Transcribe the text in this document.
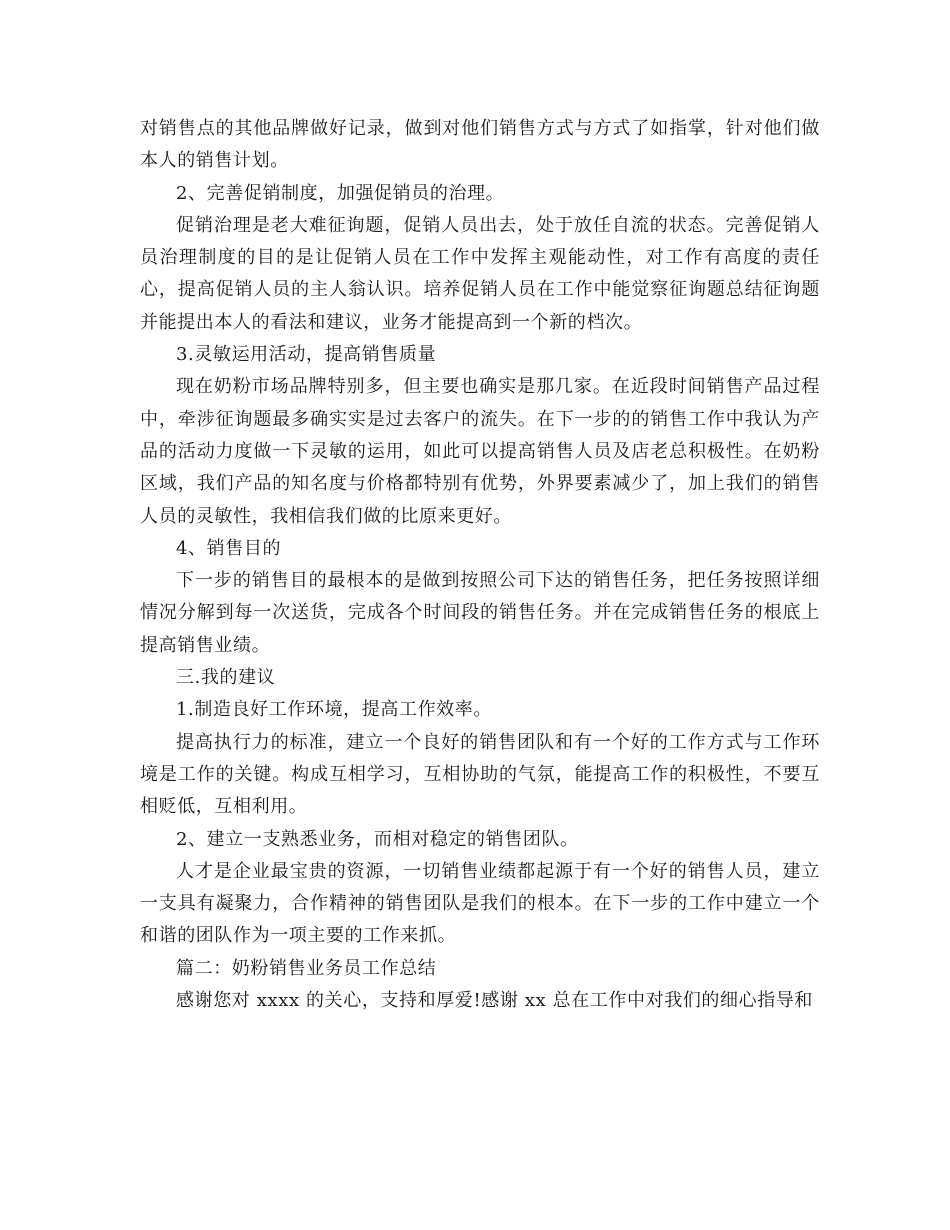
对销售点的其他品牌做好记录，做到对他们销售方式与方式了如指掌，针对他们做本人的销售计划。

2、完善促销制度，加强促销员的治理。

促销治理是老大难征询题，促销人员出去，处于放任自流的状态。完善促销人员治理制度的目的是让促销人员在工作中发挥主观能动性，对工作有高度的责任心，提高促销人员的主人翁认识。培养促销人员在工作中能觉察征询题总结征询题并能提出本人的看法和建议，业务才能提高到一个新的档次。

3.灵敏运用活动，提高销售质量

现在奶粉市场品牌特别多，但主要也确实是那几家。在近段时间销售产品过程中，牵涉征询题最多确实实是过去客户的流失。在下一步的的销售工作中我认为产品的活动力度做一下灵敏的运用，如此可以提高销售人员及店老总积极性。在奶粉区域，我们产品的知名度与价格都特别有优势，外界要素减少了，加上我们的销售人员的灵敏性，我相信我们做的比原来更好。

4、销售目的

下一步的销售目的最根本的是做到按照公司下达的销售任务，把任务按照详细情况分解到每一次送货，完成各个时间段的销售任务。并在完成销售任务的根底上提高销售业绩。

三.我的建议

1.制造良好工作环境，提高工作效率。

提高执行力的标准，建立一个良好的销售团队和有一个好的工作方式与工作环境是工作的关键。构成互相学习，互相协助的气氛，能提高工作的积极性，不要互相贬低，互相利用。

2、建立一支熟悉业务，而相对稳定的销售团队。

人才是企业最宝贵的资源，一切销售业绩都起源于有一个好的销售人员，建立一支具有凝聚力，合作精神的销售团队是我们的根本。在下一步的工作中建立一个和谐的团队作为一项主要的工作来抓。

篇二：奶粉销售业务员工作总结

感谢您对 xxxx 的关心，支持和厚爱!感谢 xx 总在工作中对我们的细心指导和
